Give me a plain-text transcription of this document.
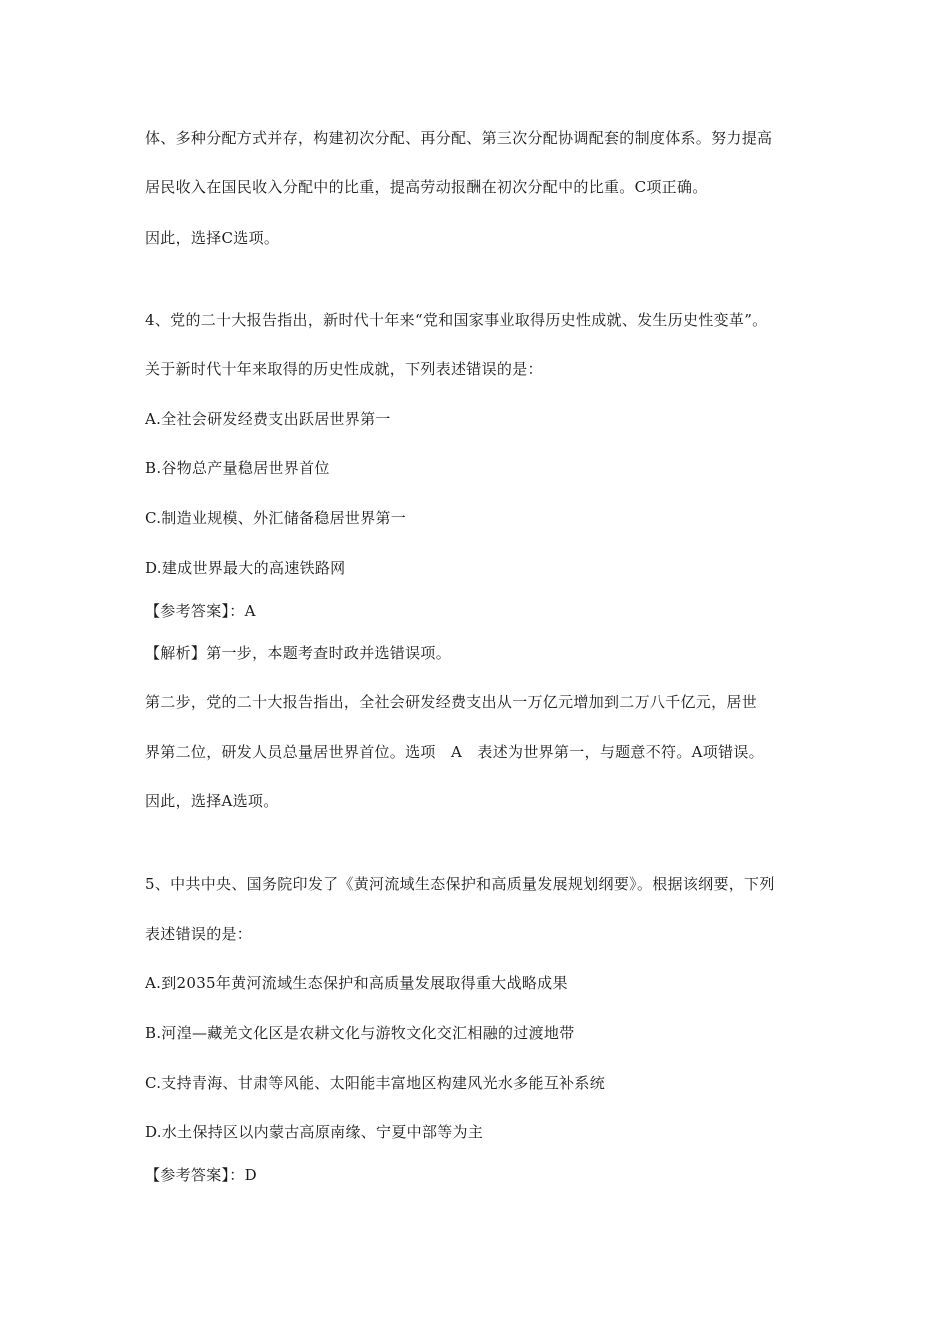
体、多种分配方式并存，构建初次分配、再分配、第三次分配协调配套的制度体系。努力提高
居民收入在国民收入分配中的比重，提高劳动报酬在初次分配中的比重。C项正确。
因此，选择C选项。
4、党的二十大报告指出，新时代十年来“党和国家事业取得历史性成就、发生历史性变革”。
关于新时代十年来取得的历史性成就，下列表述错误的是：
A.全社会研发经费支出跃居世界第一
B.谷物总产量稳居世界首位
C.制造业规模、外汇储备稳居世界第一
D.建成世界最大的高速铁路网
【参考答案】：A
【解析】第一步，本题考查时政并选错误项。
第二步，党的二十大报告指出，全社会研发经费支出从一万亿元增加到二万八千亿元，居世
界第二位，研发人员总量居世界首位。选项　A　表述为世界第一，与题意不符。A项错误。
因此，选择A选项。
5、中共中央、国务院印发了《黄河流域生态保护和高质量发展规划纲要》。根据该纲要，下列
表述错误的是：
A.到2035年黄河流域生态保护和高质量发展取得重大战略成果
B.河湟—藏羌文化区是农耕文化与游牧文化交汇相融的过渡地带
C.支持青海、甘肃等风能、太阳能丰富地区构建风光水多能互补系统
D.水土保持区以内蒙古高原南缘、宁夏中部等为主
【参考答案】：D
